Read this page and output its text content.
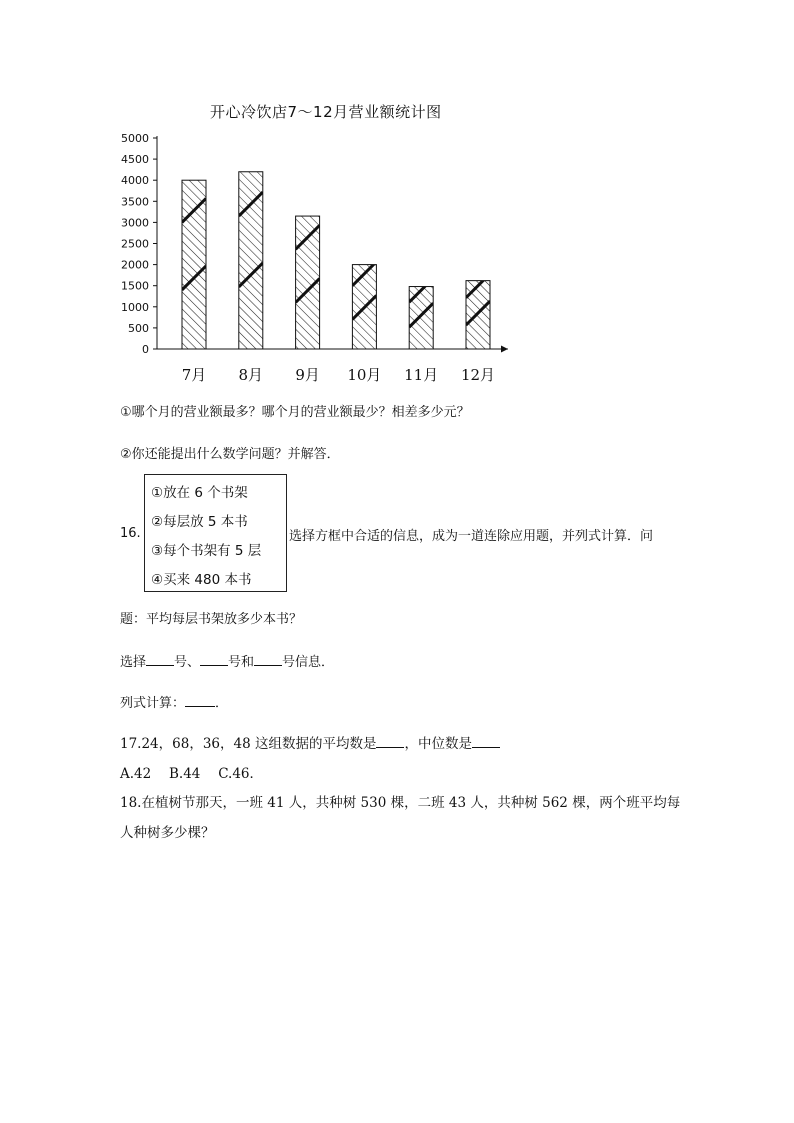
开心冷饮店7～12月营业额统计图
0
500
1000
1500
2000
2500
3000
3500
4000
4500
5000
7月 8月 9月 10月 11月 12月
①哪个月的营业额最多？哪个月的营业额最少？相差多少元？
②你还能提出什么数学问题？并解答．
16.
①放在 6 个书架
②每层放 5 本书
③每个书架有 5 层
④买来 480 本书
选择方框中合适的信息，成为一道连除应用题，并列式计算．问
题：平均每层书架放多少本书？
选择 号、 号和 号信息．
列式计算： ．
17.24，68，36，48 这组数据的平均数是 ，中位数是
A.42　 B.44　 C.46．
18.在植树节那天，一班 41 人，共种树 530 棵，二班 43 人，共种树 562 棵，两个班平均每
人种树多少棵？
